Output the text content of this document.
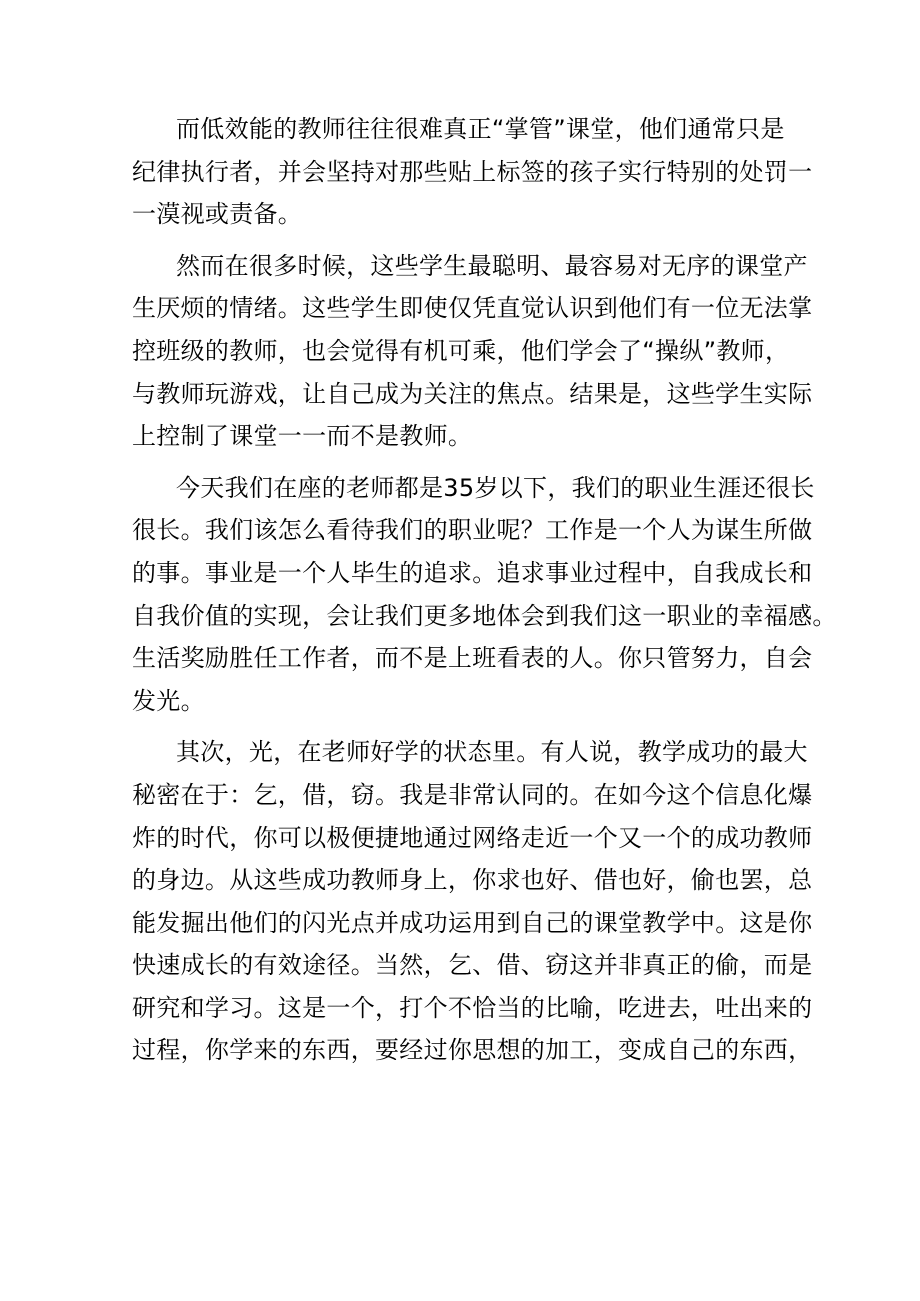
而低效能的教师往往很难真正“掌管”课堂，他们通常只是
纪律执行者，并会坚持对那些贴上标签的孩子实行特别的处罚一
一漠视或责备。
然而在很多时候，这些学生最聪明、最容易对无序的课堂产
生厌烦的情绪。这些学生即使仅凭直觉认识到他们有一位无法掌
控班级的教师，也会觉得有机可乘，他们学会了“操纵”教师，
与教师玩游戏，让自己成为关注的焦点。结果是，这些学生实际
上控制了课堂一一而不是教师。
今天我们在座的老师都是35岁以下，我们的职业生涯还很长
很长。我们该怎么看待我们的职业呢？工作是一个人为谋生所做
的事。事业是一个人毕生的追求。追求事业过程中，自我成长和
自我价值的实现，会让我们更多地体会到我们这一职业的幸福感。
生活奖励胜任工作者，而不是上班看表的人。你只管努力，自会
发光。
其次，光，在老师好学的状态里。有人说，教学成功的最大
秘密在于：乞，借，窃。我是非常认同的。在如今这个信息化爆
炸的时代，你可以极便捷地通过网络走近一个又一个的成功教师
的身边。从这些成功教师身上，你求也好、借也好，偷也罢，总
能发掘出他们的闪光点并成功运用到自己的课堂教学中。这是你
快速成长的有效途径。当然，乞、借、窃这并非真正的偷，而是
研究和学习。这是一个，打个不恰当的比喻，吃进去，吐出来的
过程，你学来的东西，要经过你思想的加工，变成自己的东西，
